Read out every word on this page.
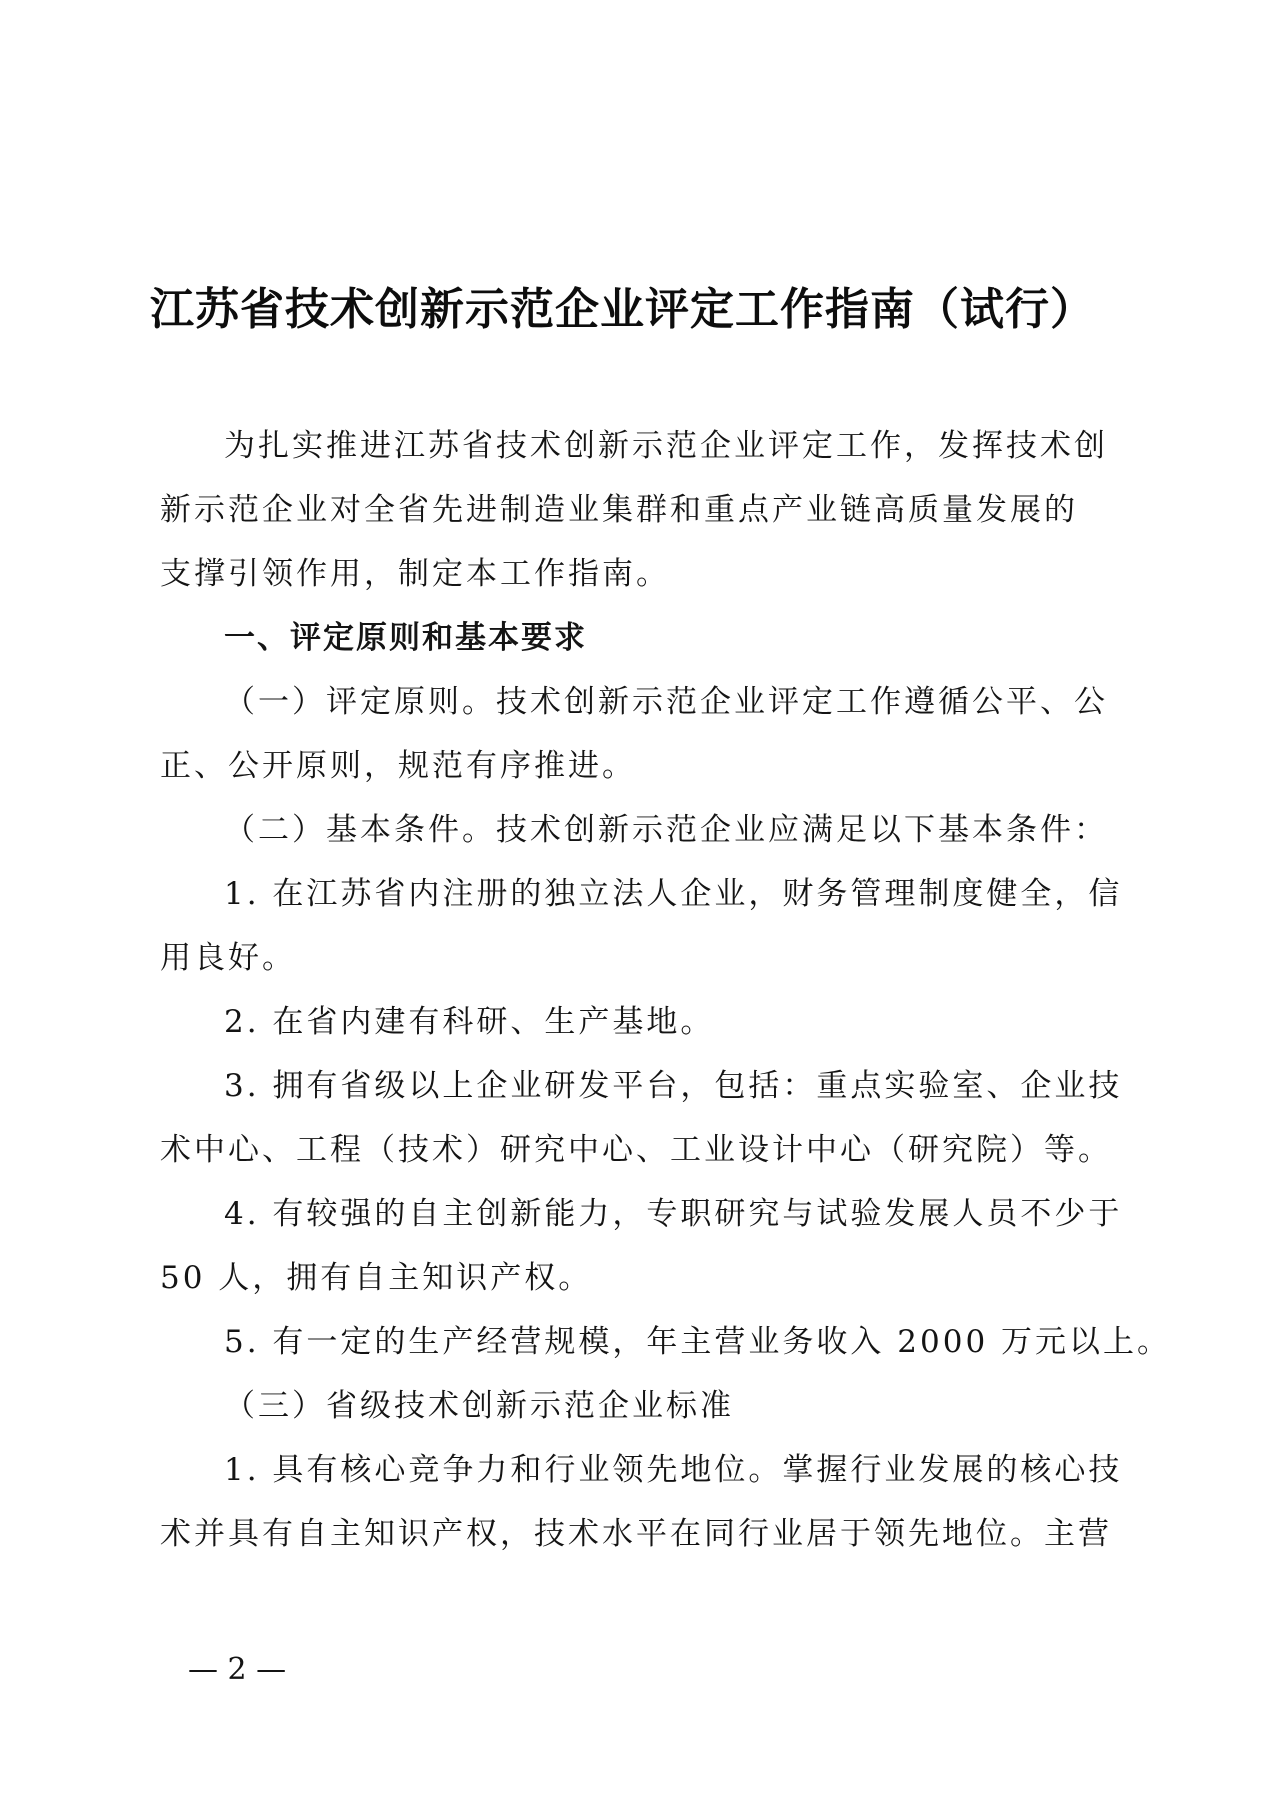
江苏省技术创新示范企业评定工作指南（试行）
为扎实推进江苏省技术创新示范企业评定工作，发挥技术创
新示范企业对全省先进制造业集群和重点产业链高质量发展的
支撑引领作用，制定本工作指南。
一、评定原则和基本要求
（一）评定原则。技术创新示范企业评定工作遵循公平、公
正、公开原则，规范有序推进。
（二）基本条件。技术创新示范企业应满足以下基本条件：
1. 在江苏省内注册的独立法人企业，财务管理制度健全，信
用良好。
2. 在省内建有科研、生产基地。
3. 拥有省级以上企业研发平台，包括：重点实验室、企业技
术中心、工程（技术）研究中心、工业设计中心（研究院）等。
4. 有较强的自主创新能力，专职研究与试验发展人员不少于
50 人，拥有自主知识产权。
5. 有一定的生产经营规模，年主营业务收入 2000 万元以上。
（三）省级技术创新示范企业标准
1. 具有核心竞争力和行业领先地位。掌握行业发展的核心技
术并具有自主知识产权，技术水平在同行业居于领先地位。主营
— 2 —
